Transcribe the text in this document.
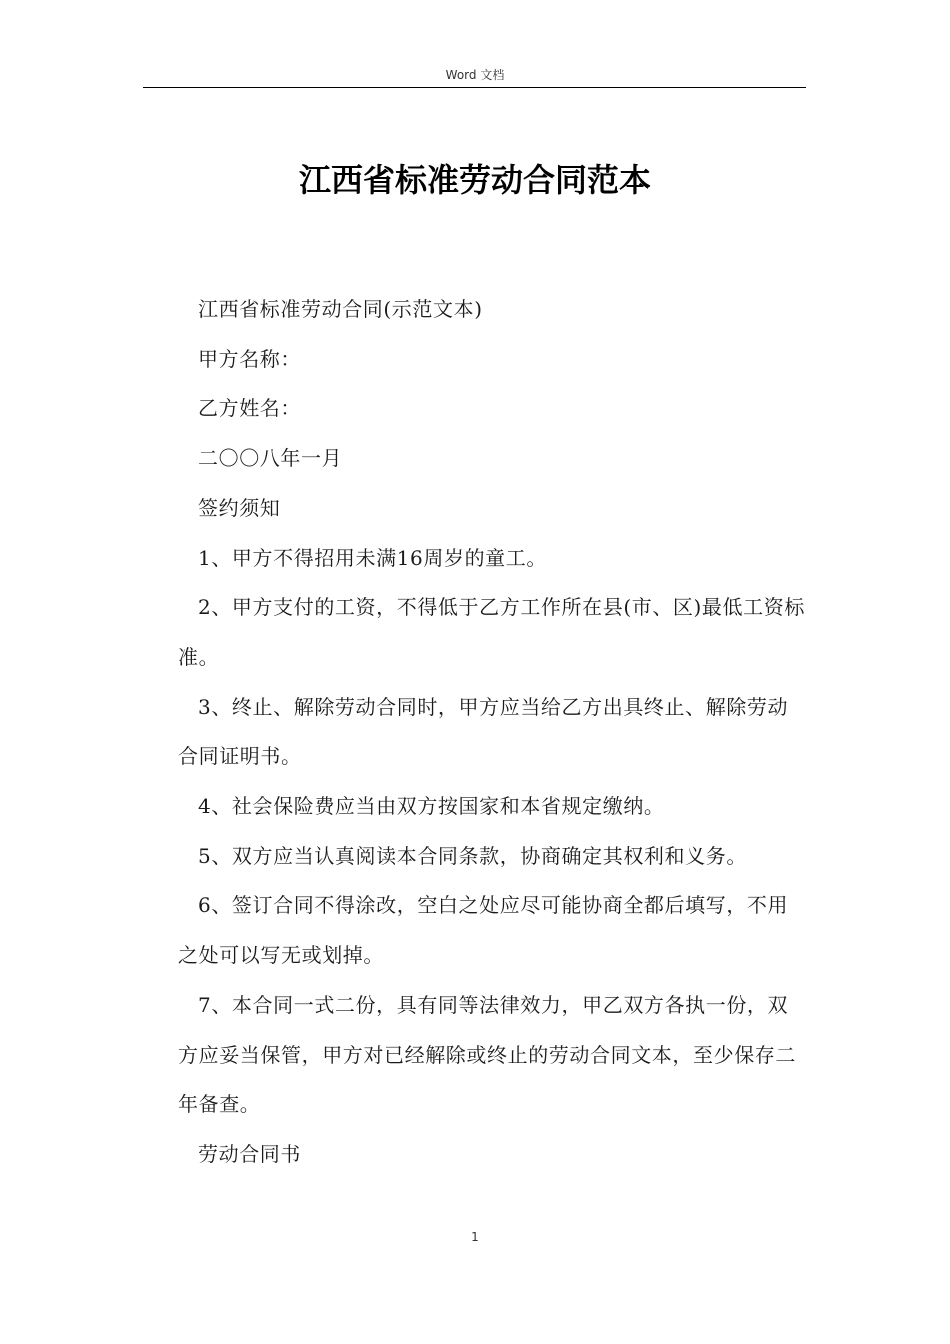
Word 文档
江西省标准劳动合同范本

江西省标准劳动合同(示范文本)

甲方名称：

乙方姓名：

二〇〇八年一月

签约须知

1、甲方不得招用未满16周岁的童工。

2、甲方支付的工资，不得低于乙方工作所在县(市、区)最低工资标准。

3、终止、解除劳动合同时，甲方应当给乙方出具终止、解除劳动合同证明书。

4、社会保险费应当由双方按国家和本省规定缴纳。

5、双方应当认真阅读本合同条款，协商确定其权利和义务。

6、签订合同不得涂改，空白之处应尽可能协商全都后填写，不用之处可以写无或划掉。

7、本合同一式二份，具有同等法律效力，甲乙双方各执一份，双方应妥当保管，甲方对已经解除或终止的劳动合同文本，至少保存二年备查。

劳动合同书

1
